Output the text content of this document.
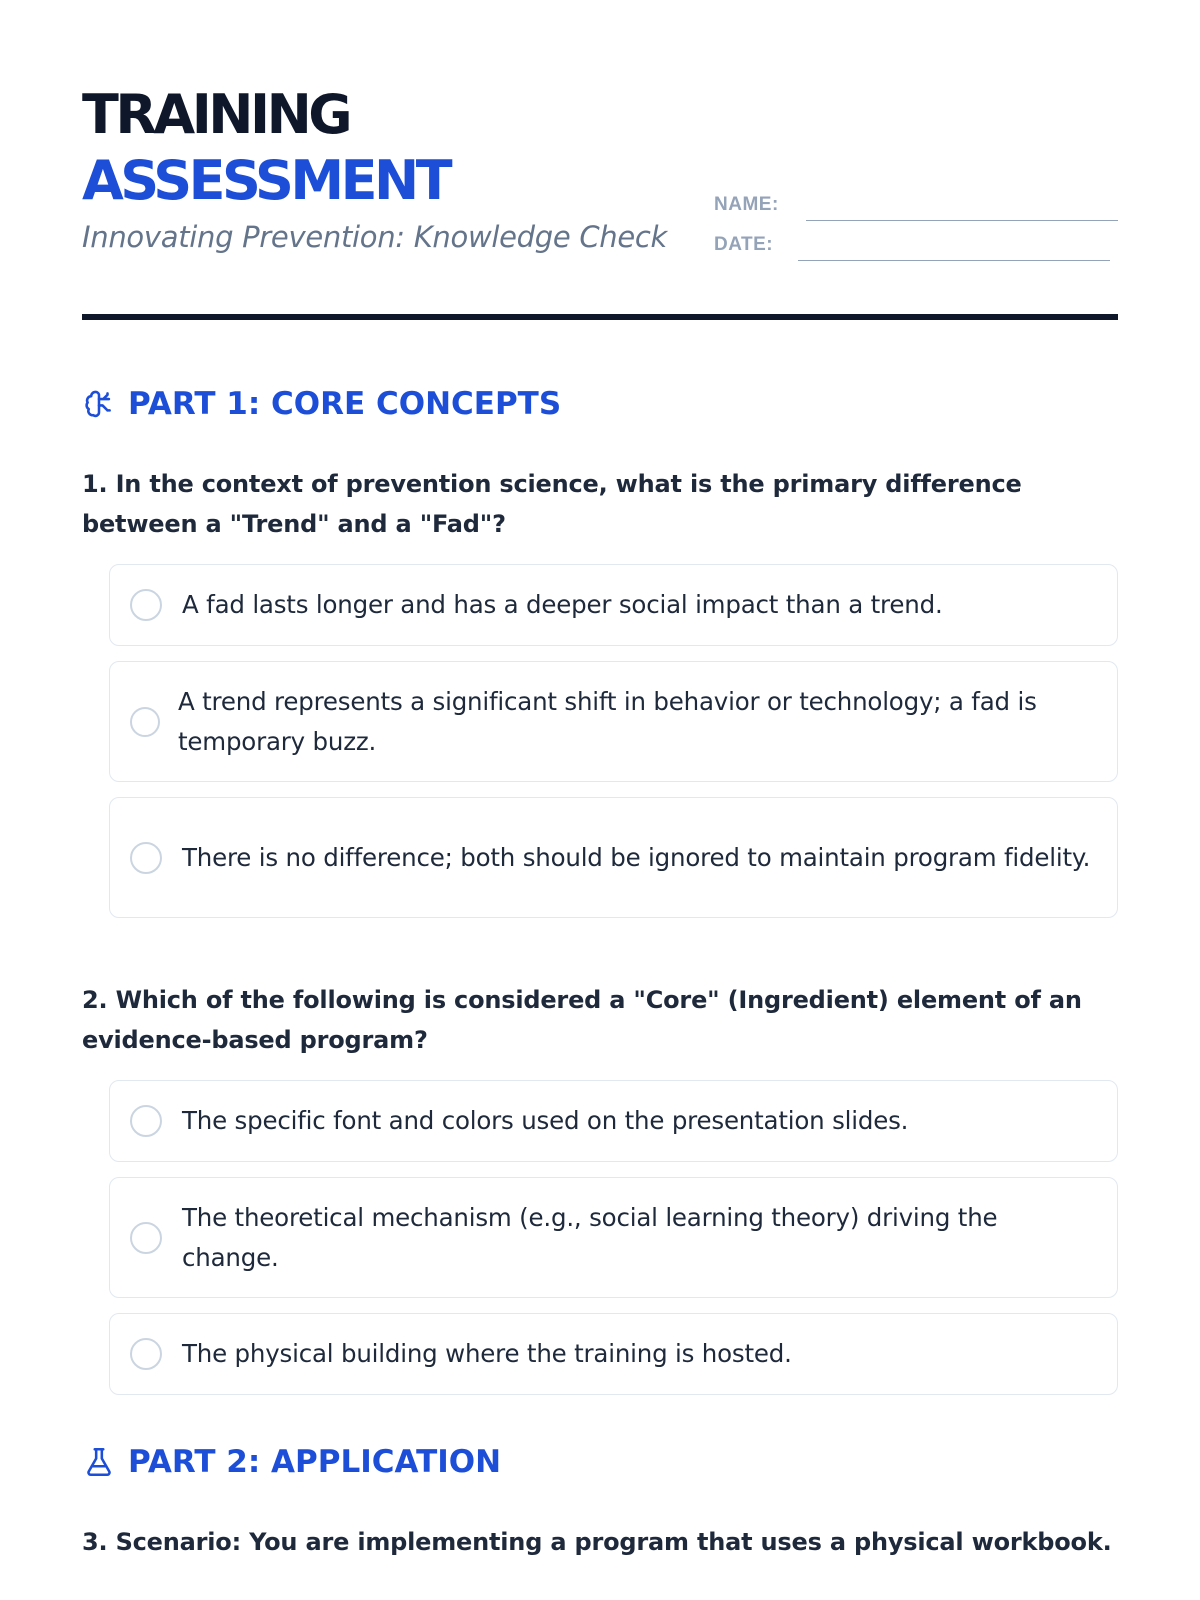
TRAINING
ASSESSMENT
Innovating Prevention: Knowledge Check
NAME:
DATE:
PART 1: CORE CONCEPTS
1. In the context of prevention science, what is the primary difference between a "Trend" and a "Fad"?
A fad lasts longer and has a deeper social impact than a trend.
A trend represents a significant shift in behavior or technology; a fad is temporary buzz.
There is no difference; both should be ignored to maintain program fidelity.
2. Which of the following is considered a "Core" (Ingredient) element of an evidence-based program?
The specific font and colors used on the presentation slides.
The theoretical mechanism (e.g., social learning theory) driving the change.
The physical building where the training is hosted.
PART 2: APPLICATION
3. Scenario: You are implementing a program that uses a physical workbook.
